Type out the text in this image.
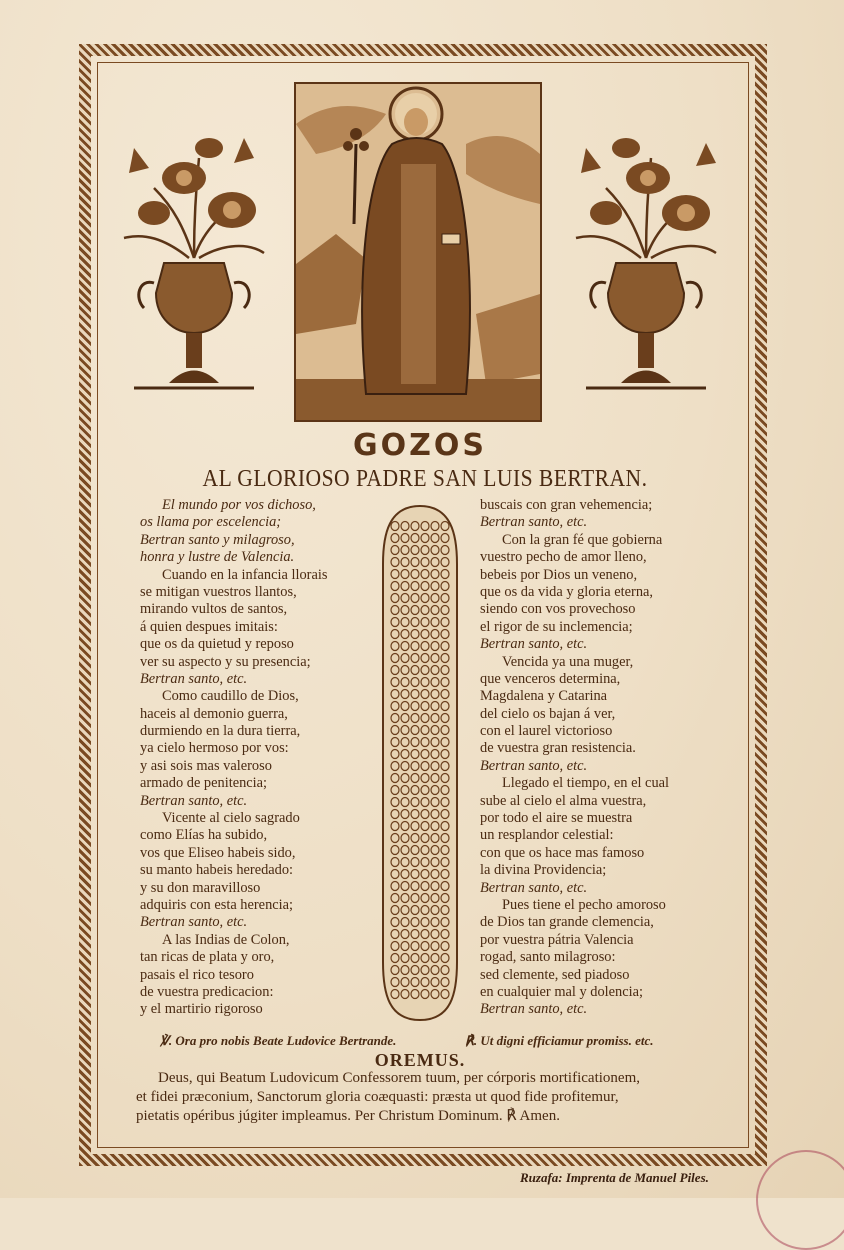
GOZOS
AL GLORIOSO PADRE SAN LUIS BERTRAN.
El mundo por vos dichoso,
os llama por escelencia;
Bertran santo y milagroso,
honra y lustre de Valencia.
Cuando en la infancia llorais
se mitigan vuestros llantos,
mirando vultos de santos,
á quien despues imitais:
que os da quietud y reposo
ver su aspecto y su presencia;
Bertran santo, etc.
Como caudillo de Dios,
haceis al demonio guerra,
durmiendo en la dura tierra,
ya cielo hermoso por vos:
y asi sois mas valeroso
armado de penitencia;
Bertran santo, etc.
Vicente al cielo sagrado
como Elías ha subido,
vos que Eliseo habeis sido,
su manto habeis heredado:
y su don maravilloso
adquiris con esta herencia;
Bertran santo, etc.
A las Indias de Colon,
tan ricas de plata y oro,
pasais el rico tesoro
de vuestra predicacion:
y el martirio rigoroso
buscais con gran vehemencia;
Bertran santo, etc.
Con la gran fé que gobierna
vuestro pecho de amor lleno,
bebeis por Dios un veneno,
que os da vida y gloria eterna,
siendo con vos provechoso
el rigor de su inclemencia;
Bertran santo, etc.
Vencida ya una muger,
que venceros determina,
Magdalena y Catarina
del cielo os bajan á ver,
con el laurel victorioso
de vuestra gran resistencia.
Bertran santo, etc.
Llegado el tiempo, en el cual
sube al cielo el alma vuestra,
por todo el aire se muestra
un resplandor celestial:
con que os hace mas famoso
la divina Providencia;
Bertran santo, etc.
Pues tiene el pecho amoroso
de Dios tan grande clemencia,
por vuestra pátria Valencia
rogad, santo milagroso:
sed clemente, sed piadoso
en cualquier mal y dolencia;
Bertran santo, etc.
℣. Ora pro nobis Beate Ludovice Bertrande.	℟. Ut digni efficiamur promiss. etc.
OREMUS.
Deus, qui Beatum Ludovicum Confessorem tuum, per córporis mortificationem,
et fidei præconium, Sanctorum gloria coæquasti: præsta ut quod fide profitemur,
pietatis opéribus júgiter impleamus. Per Christum Dominum. ℟ Amen.
Ruzafa: Imprenta de Manuel Piles.
